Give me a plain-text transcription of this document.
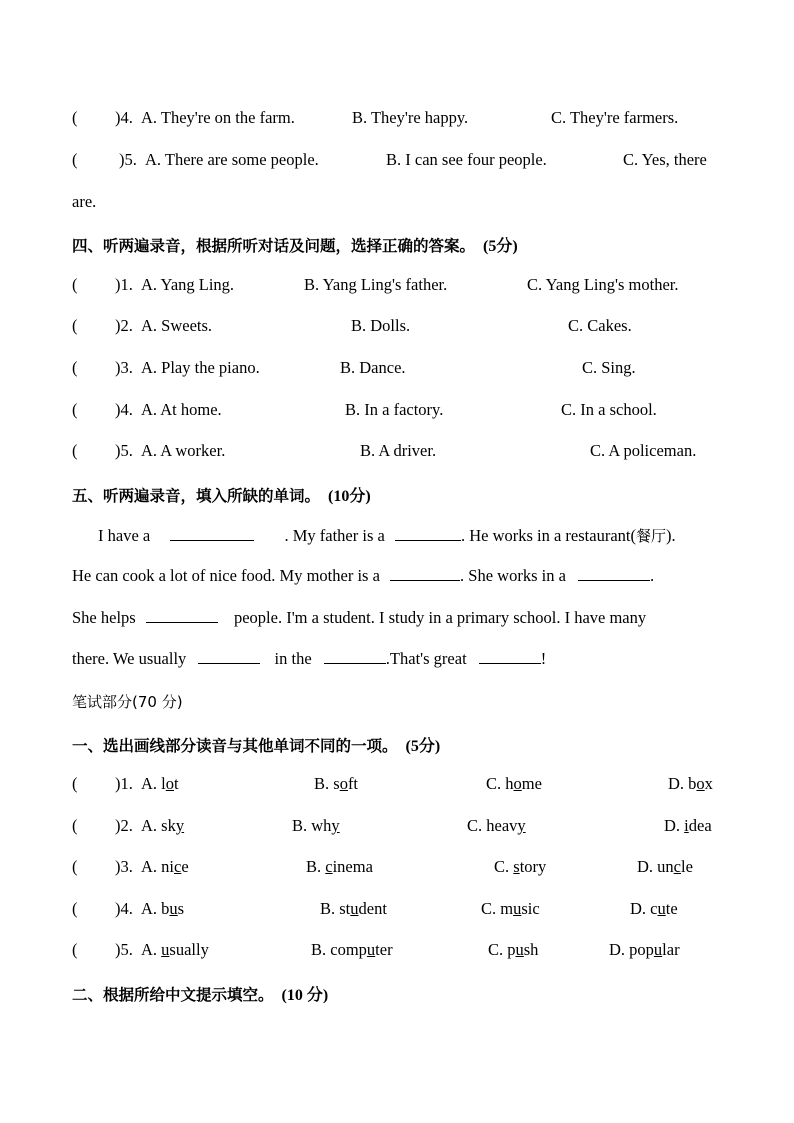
( )4. A. They're on the farm.	B. They're happy.	C. They're farmers.
(	)5. A. There are some people.	B. I can see four people.	C. Yes, there
are.
四、听两遍录音，根据所听对话及问题，选择正确的答案。 (5分)
( )1. A. Yang Ling.	B. Yang Ling's father.	C. Yang Ling's mother.
( )2. A. Sweets.	B. Dolls.	C. Cakes.
( )3. A. Play the piano.	B. Dance.	C. Sing.
( )4. A. At home.	B. In a factory.	C. In a school.
( )5. A. A worker.	B. A driver.	C. A policeman.
五、听两遍录音，填入所缺的单词。 (10分)
I have a	. My father is a	. He works in a restaurant(餐厅).
He can cook a lot of nice food. My mother is a	. She works in a	.
She helps	people. I'm a student. I study in a primary school. I have many
there. We usually	in the	.That's great	!
笔试部分(70 分)
一、选出画线部分读音与其他单词不同的一项。 (5分)
( )1. A. lot	B. soft	C. home	D. box
( )2. A. sky	B. why	C. heavy	D. idea
( )3. A. nice	B. cinema	C. story	D. uncle
( )4. A. bus	B. student	C. music	D. cute
( )5. A. usually	B. computer	C. push	D. popular
二、根据所给中文提示填空。 (10 分)
